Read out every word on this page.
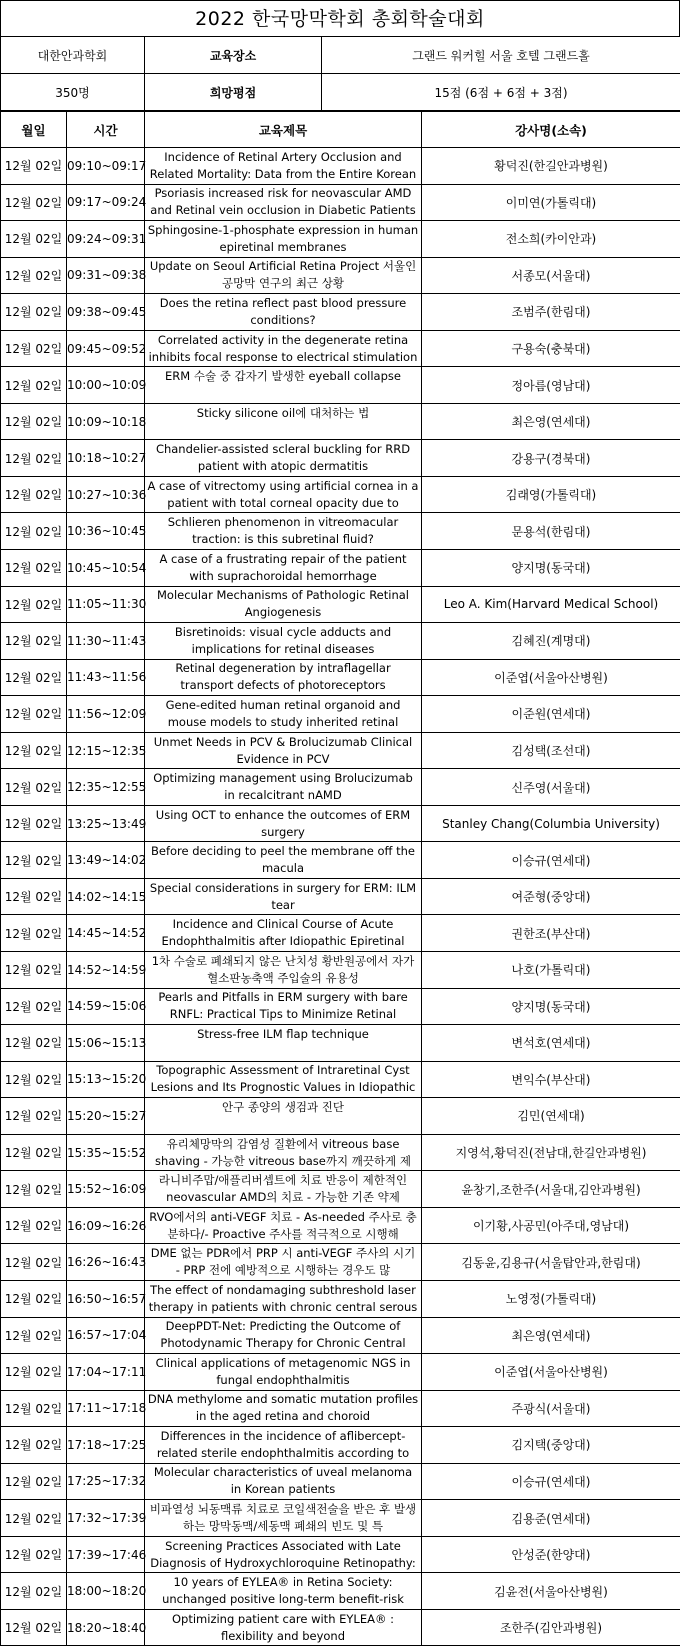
2022 한국망막학회 총회학술대회
대한안과학회	교육장소	그랜드 워커힐 서울 호텔 그랜드홀
350명	희망평점	15점 (6점 + 6점 + 3점)
월일	시간	교육제목	강사명(소속)
12월 02일	09:10~09:17	Incidence of Retinal Artery Occlusion and Related Mortality: Data from the Entire Korean	황덕진(한길안과병원)
12월 02일	09:17~09:24	Psoriasis increased risk for neovascular AMD and Retinal vein occlusion in Diabetic Patients	이미연(가톨릭대)
12월 02일	09:24~09:31	Sphingosine-1-phosphate expression in human epiretinal membranes	전소희(카이안과)
12월 02일	09:31~09:38	Update on Seoul Artificial Retina Project 서울인공망막 연구의 최근 상황	서종모(서울대)
12월 02일	09:38~09:45	Does the retina reflect past blood pressure conditions?	조범주(한림대)
12월 02일	09:45~09:52	Correlated activity in the degenerate retina inhibits focal response to electrical stimulation	구용숙(충북대)
12월 02일	10:00~10:09	ERM 수술 중 갑자기 발생한 eyeball collapse	정아름(영남대)
12월 02일	10:09~10:18	Sticky silicone oil에 대처하는 법	최은영(연세대)
12월 02일	10:18~10:27	Chandelier-assisted scleral buckling for RRD patient with atopic dermatitis	강용구(경북대)
12월 02일	10:27~10:36	A case of vitrectomy using artificial cornea in a patient with total corneal opacity due to	김래영(가톨릭대)
12월 02일	10:36~10:45	Schlieren phenomenon in vitreomacular traction: is this subretinal fluid?	문용석(한림대)
12월 02일	10:45~10:54	A case of a frustrating repair of the patient with suprachoroidal hemorrhage	양지명(동국대)
12월 02일	11:05~11:30	Molecular Mechanisms of Pathologic Retinal Angiogenesis	Leo A. Kim(Harvard Medical School)
12월 02일	11:30~11:43	Bisretinoids: visual cycle adducts and implications for retinal diseases	김혜진(계명대)
12월 02일	11:43~11:56	Retinal degeneration by intraflagellar transport defects of photoreceptors	이준엽(서울아산병원)
12월 02일	11:56~12:09	Gene-edited human retinal organoid and mouse models to study inherited retinal	이준원(연세대)
12월 02일	12:15~12:35	Unmet Needs in PCV & Brolucizumab Clinical Evidence in PCV	김성택(조선대)
12월 02일	12:35~12:55	Optimizing management using Brolucizumab in recalcitrant nAMD	신주영(서울대)
12월 02일	13:25~13:49	Using OCT to enhance the outcomes of ERM surgery	Stanley Chang(Columbia University)
12월 02일	13:49~14:02	Before deciding to peel the membrane off the macula	이승규(연세대)
12월 02일	14:02~14:15	Special considerations in surgery for ERM: ILM tear	여준형(중앙대)
12월 02일	14:45~14:52	Incidence and Clinical Course of Acute Endophthalmitis after Idiopathic Epiretinal	권한조(부산대)
12월 02일	14:52~14:59	1차 수술로 폐쇄되지 않은 난치성 황반원공에서 자가혈소판농축액 주입술의 유용성	나호(가톨릭대)
12월 02일	14:59~15:06	Pearls and Pitfalls in ERM surgery with bare RNFL: Practical Tips to Minimize Retinal	양지명(동국대)
12월 02일	15:06~15:13	Stress-free ILM flap technique	변석호(연세대)
12월 02일	15:13~15:20	Topographic Assessment of Intraretinal Cyst Lesions and Its Prognostic Values in Idiopathic	변익수(부산대)
12월 02일	15:20~15:27	안구 종양의 생검과 진단	김민(연세대)
12월 02일	15:35~15:52	유리체망막의 감염성 질환에서 vitreous base shaving - 가능한 vitreous base까지 깨끗하게 제	지영석,황덕진(전남대,한길안과병원)
12월 02일	15:52~16:09	라니비주맙/애플리버셉트에 치료 반응이 제한적인 neovascular AMD의 치료 - 가능한 기존 약제	윤창기,조한주(서울대,김안과병원)
12월 02일	16:09~16:26	RVO에서의 anti-VEGF 치료 - As-needed 주사로 충분하다/- Proactive 주사를 적극적으로 시행해	이기황,사공민(아주대,영남대)
12월 02일	16:26~16:43	DME 없는 PDR에서 PRP 시 anti-VEGF 주사의 시기 - PRP 전에 예방적으로 시행하는 경우도 많	김동윤,김용규(서울탑안과,한림대)
12월 02일	16:50~16:57	The effect of nondamaging subthreshold laser therapy in patients with chronic central serous	노영정(가톨릭대)
12월 02일	16:57~17:04	DeepPDT-Net: Predicting the Outcome of Photodynamic Therapy for Chronic Central	최은영(연세대)
12월 02일	17:04~17:11	Clinical applications of metagenomic NGS in fungal endophthalmitis	이준엽(서울아산병원)
12월 02일	17:11~17:18	DNA methylome and somatic mutation profiles in the aged retina and choroid	주광식(서울대)
12월 02일	17:18~17:25	Differences in the incidence of aflibercept-related sterile endophthalmitis according to	김지택(중앙대)
12월 02일	17:25~17:32	Molecular characteristics of uveal melanoma in Korean patients	이승규(연세대)
12월 02일	17:32~17:39	비파열성 뇌동맥류 치료로 코일색전술을 받은 후 발생하는 망막동맥/세동맥 폐쇄의 빈도 및 특	김용준(연세대)
12월 02일	17:39~17:46	Screening Practices Associated with Late Diagnosis of Hydroxychloroquine Retinopathy:	안성준(한양대)
12월 02일	18:00~18:20	10 years of EYLEA® in Retina Society: unchanged positive long-term benefit-risk	김윤전(서울아산병원)
12월 02일	18:20~18:40	Optimizing patient care with EYLEA® : flexibility and beyond	조한주(김안과병원)
